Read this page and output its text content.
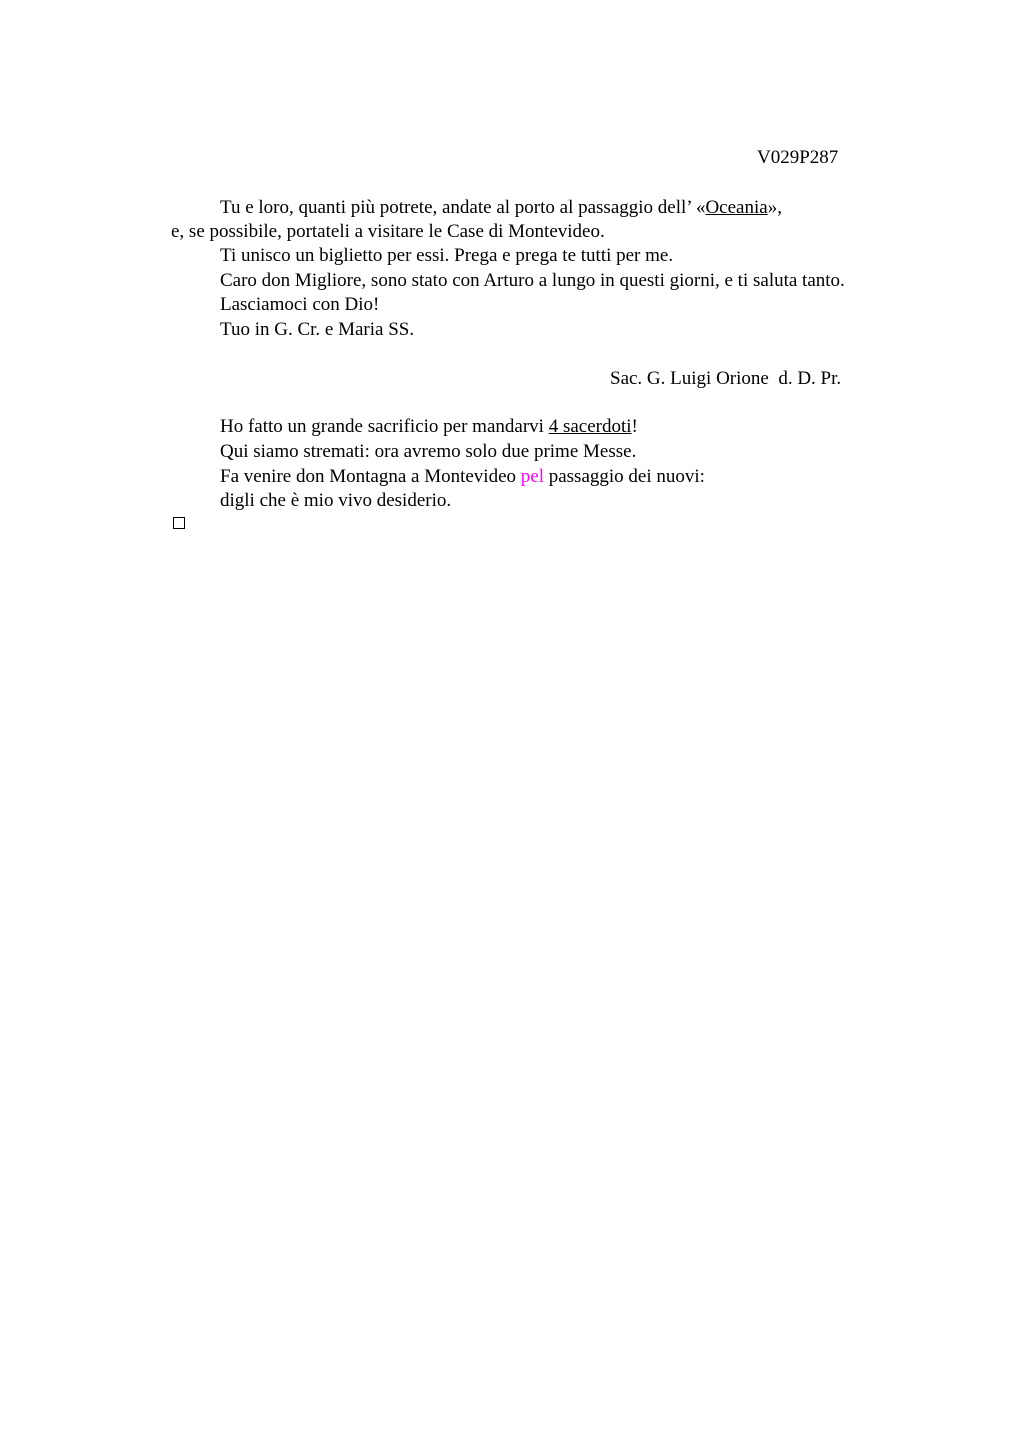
V029P287
Tu e loro, quanti più potrete, andate al porto al passaggio dell’ «Oceania»,
e, se possibile, portateli a visitare le Case di Montevideo.
Ti unisco un biglietto per essi. Prega e prega te tutti per me.
Caro don Migliore, sono stato con Arturo a lungo in questi giorni, e ti saluta tanto.
Lasciamoci con Dio!
Tuo in G. Cr. e Maria SS.
Sac. G. Luigi Orione  d. D. Pr.
Ho fatto un grande sacrificio per mandarvi 4 sacerdoti!
Qui siamo stremati: ora avremo solo due prime Messe.
Fa venire don Montagna a Montevideo pel passaggio dei nuovi:
digli che è mio vivo desiderio.
